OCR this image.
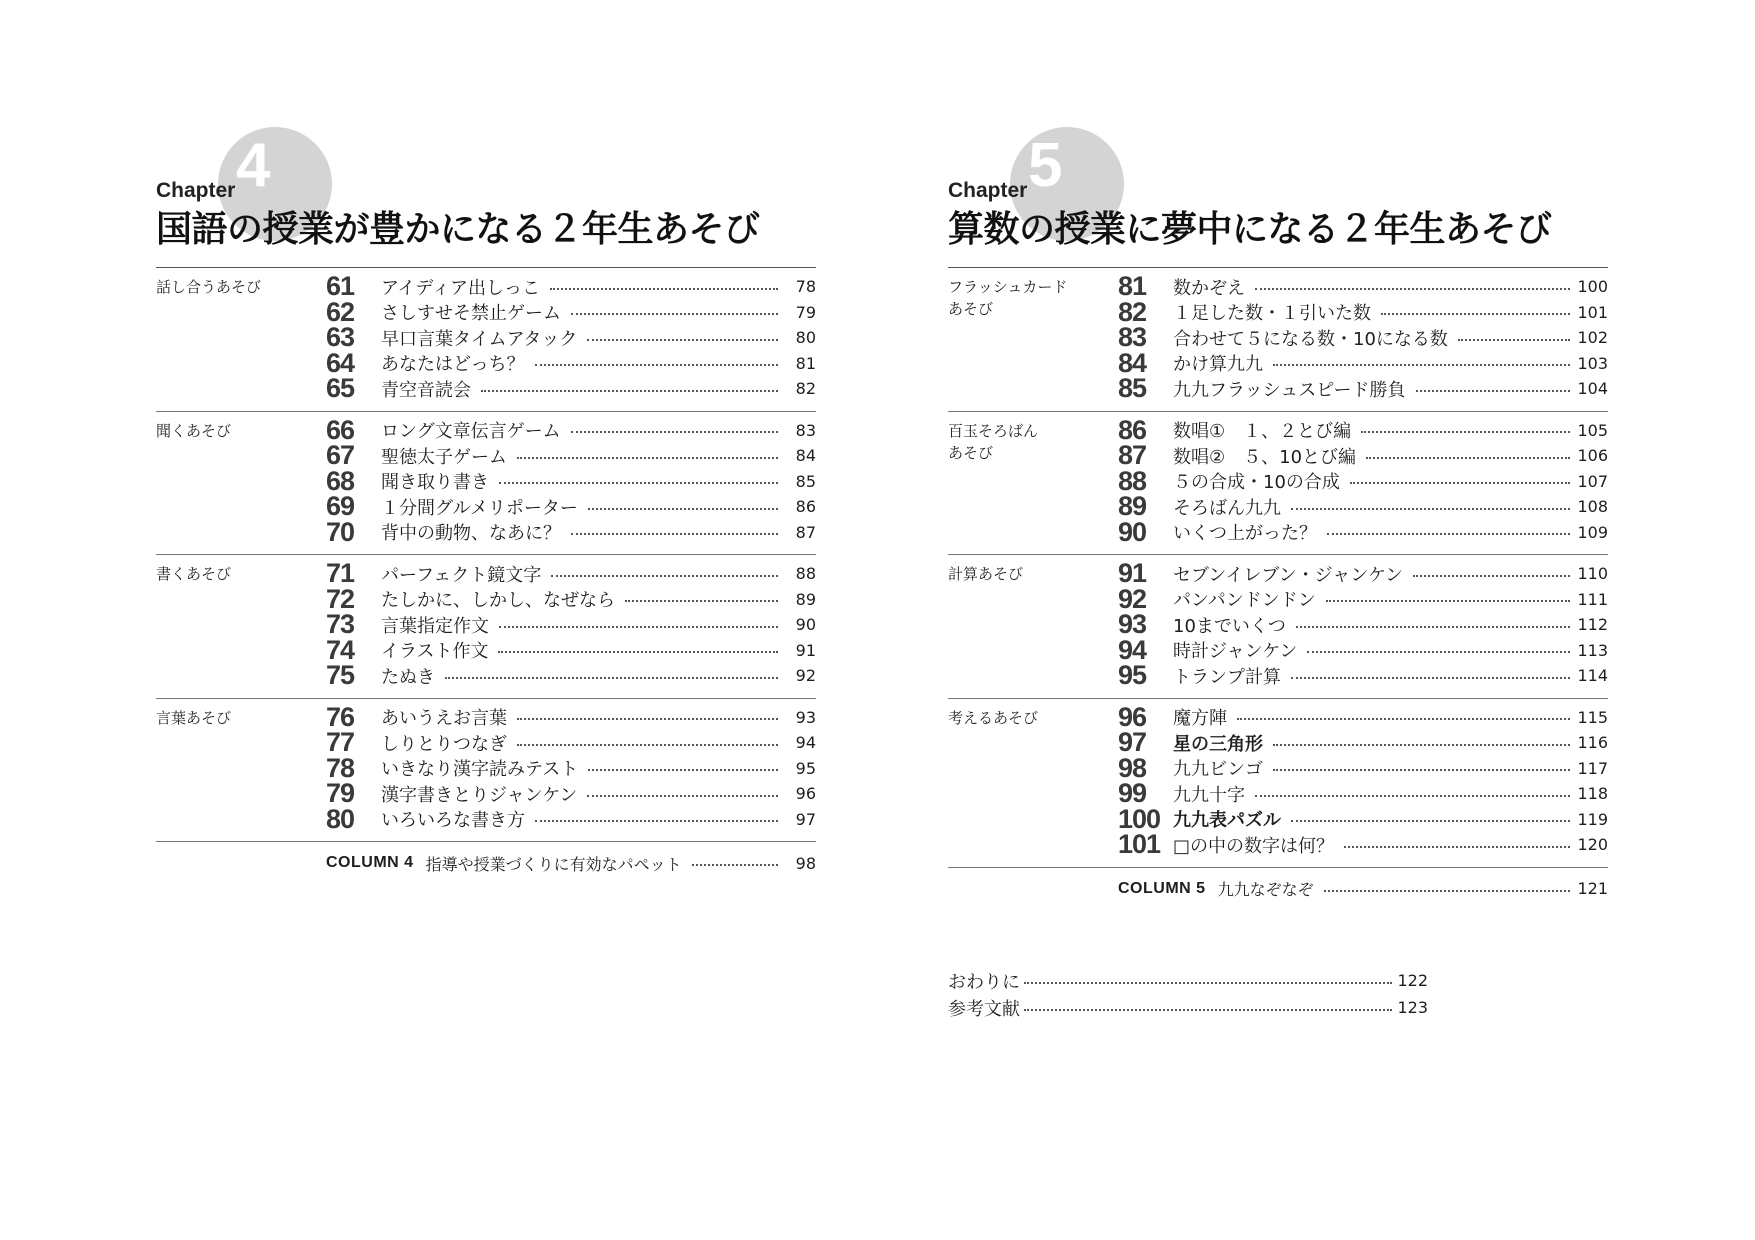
4
Chapter
国語の授業が豊かになる２年生あそび
話し合うあそび	61	アイディア出しっこ	78
62	さしすせそ禁止ゲーム	79
63	早口言葉タイムアタック	80
64	あなたはどっち？	81
65	青空音読会	82
聞くあそび	66	ロング文章伝言ゲーム	83
67	聖徳太子ゲーム	84
68	聞き取り書き	85
69	１分間グルメリポーター	86
70	背中の動物、なあに？	87
書くあそび	71	パーフェクト鏡文字	88
72	たしかに、しかし、なぜなら	89
73	言葉指定作文	90
74	イラスト作文	91
75	たぬき	92
言葉あそび	76	あいうえお言葉	93
77	しりとりつなぎ	94
78	いきなり漢字読みテスト	95
79	漢字書きとりジャンケン	96
80	いろいろな書き方	97
COLUMN 4 指導や授業づくりに有効なパペット	98
5
Chapter
算数の授業に夢中になる２年生あそび
フラッシュカード
あそび
81	数かぞえ	100
82	１足した数・１引いた数	101
83	合わせて５になる数・10になる数	102
84	かけ算九九	103
85	九九フラッシュスピード勝負	104
百玉そろばん
あそび
86	数唱①　１、２とび編	105
87	数唱②　５、10とび編	106
88	５の合成・10の合成	107
89	そろばん九九	108
90	いくつ上がった？	109
計算あそび	91	セブンイレブン・ジャンケン	110
92	パンパンドンドン	111
93	10までいくつ	112
94	時計ジャンケン	113
95	トランプ計算	114
考えるあそび	96	魔方陣	115
97	星の三角形	116
98	九九ビンゴ	117
99	九九十字	118
100 九九表パズル	119
101 □の中の数字は何？	120
COLUMN 5 九九なぞなぞ	121
おわりに	122
参考文献	123
